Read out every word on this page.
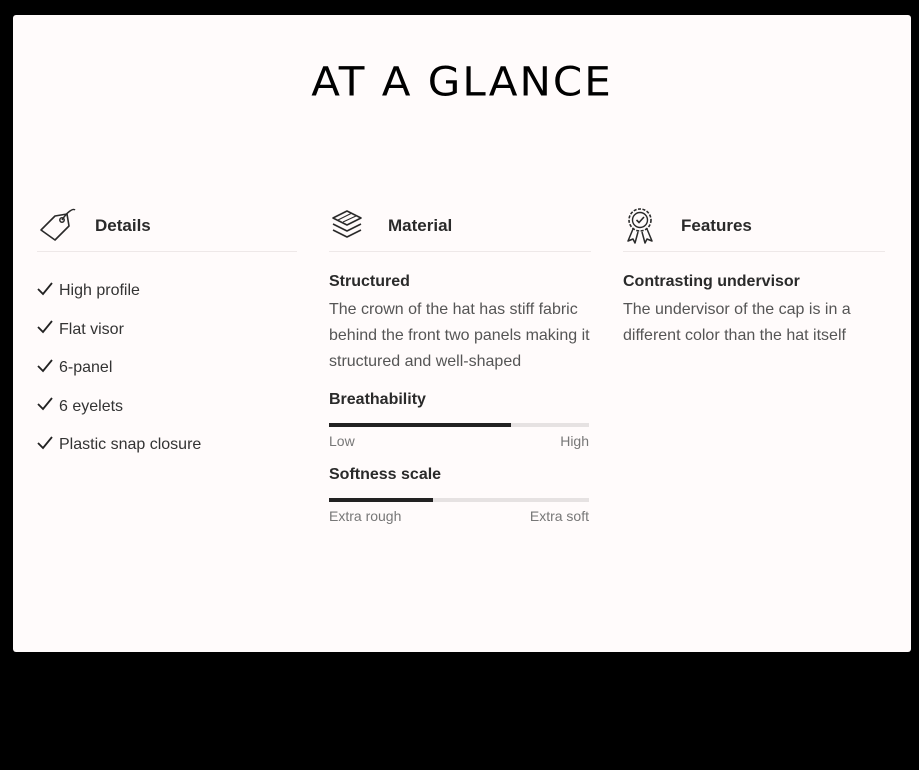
AT A GLANCE
Details
High profile
Flat visor
6-panel
6 eyelets
Plastic snap closure
Material
Structured
The crown of the hat has stiff fabric behind the front two panels making it structured and well-shaped
Breathability
Low	High
Softness scale
Extra rough	Extra soft
Features
Contrasting undervisor
The undervisor of the cap is in a different color than the hat itself
